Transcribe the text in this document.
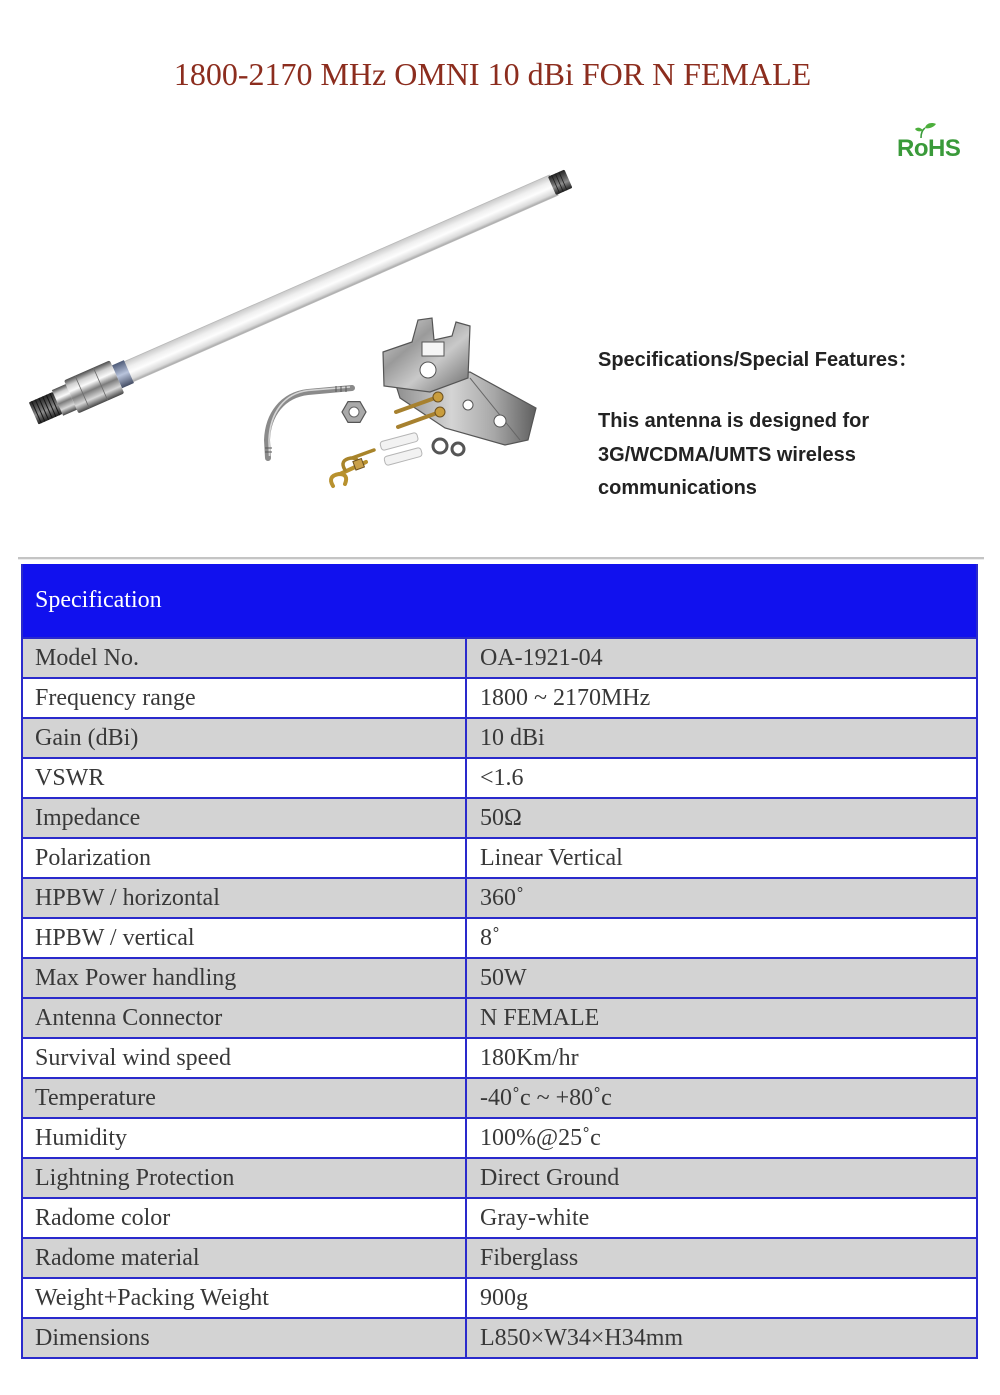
1800-2170 MHz OMNI 10 dBi FOR N FEMALE
RoHS
Specifications/Special Features：
This antenna is designed for
3G/WCDMA/UMTS wireless
communications
Specification
Model No.	OA-1921-04
Frequency range	1800 ~ 2170MHz
Gain (dBi)	10 dBi
VSWR	<1.6
Impedance	50Ω
Polarization	Linear Vertical
HPBW / horizontal	360˚
HPBW / vertical	8˚
Max Power handling	50W
Antenna Connector	N FEMALE
Survival wind speed	180Km/hr
Temperature	-40˚c ~ +80˚c
Humidity	100%@25˚c
Lightning Protection	Direct Ground
Radome color	Gray-white
Radome material	Fiberglass
Weight+Packing Weight	900g
Dimensions	L850×W34×H34mm
